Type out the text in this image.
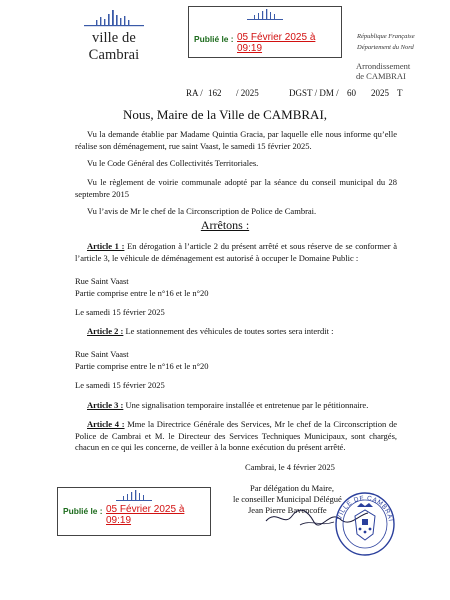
ville de Cambrai
Publié le : 05 Février 2025 à 09:19
République Française
Département du Nord
Arrondissement
de CAMBRAI
RA / 162 / 2025	DGST / DM / 60 2025 T
Nous, Maire de la Ville de CAMBRAI,
Vu la demande établie par Madame Quintia Gracia, par laquelle elle nous informe qu’elle réalise son déménagement, rue saint Vaast, le samedi 15 février 2025.
Vu le Code Général des Collectivités Territoriales.
Vu le règlement de voirie communale adopté par la séance du conseil municipal du 28 septembre 2015
Vu l’avis de Mr le chef de la Circonscription de Police de Cambrai.
Arrêtons :
Article 1 : En dérogation à l’article 2 du présent arrêté et sous réserve de se conformer à l’article 3, le véhicule de déménagement est autorisé à occuper le Domaine Public :
Rue Saint Vaast
Partie comprise entre le n°16 et le n°20
Le samedi 15 février 2025
Article 2 : Le stationnement des véhicules de toutes sortes sera interdit :
Rue Saint Vaast
Partie comprise entre le n°16 et le n°20
Le samedi 15 février 2025
Article 3 : Une signalisation temporaire installée et entretenue par le pétitionnaire.
Article 4 : Mme la Directrice Générale des Services, Mr le chef de la Circonscription de Police de Cambrai et M. le Directeur des Services Techniques Municipaux, sont chargés, chacun en ce qui les concerne, de veiller à la bonne exécution du présent arrêté.
Cambrai, le 4 février 2025
Par délégation du Maire,
le conseiller Municipal Délégué
Jean Pierre Bavencoffe
VILLE DE CAMBRAI
Publié le : 05 Février 2025 à 09:19
